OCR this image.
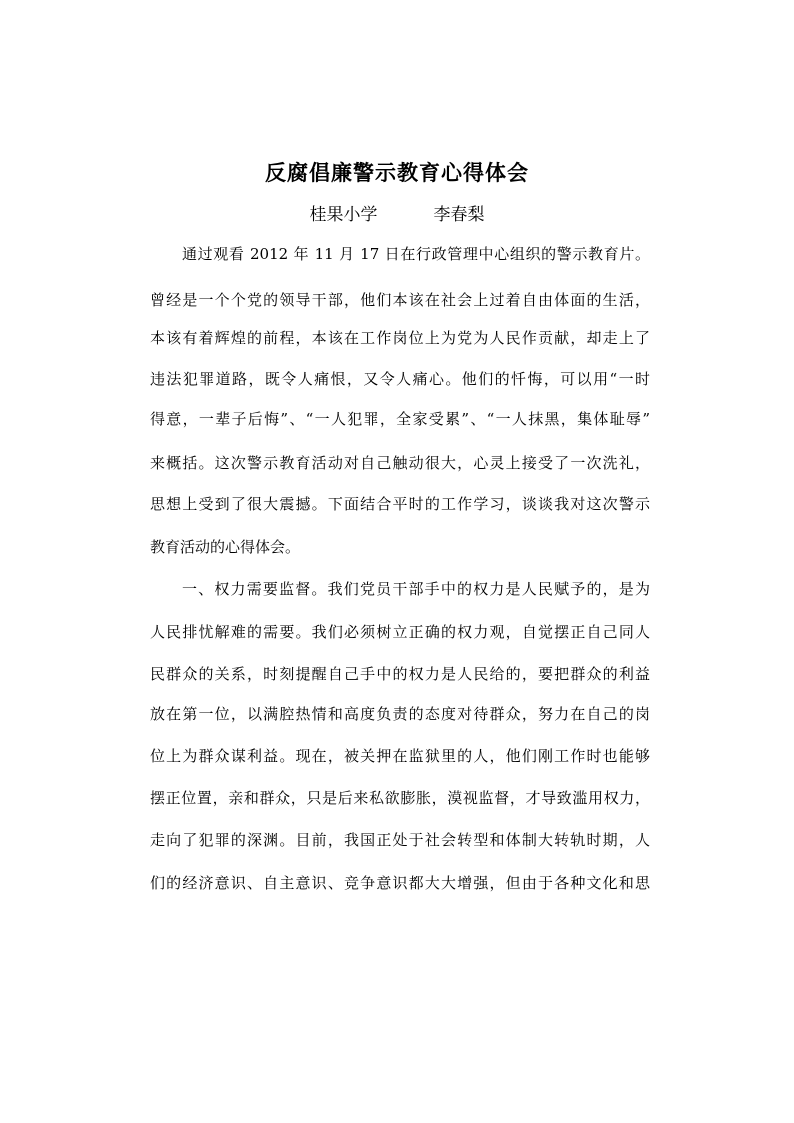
反腐倡廉警示教育心得体会
桂果小学	李春梨
通过观看 2012 年 11 月 17 日在行政管理中心组织的警示教育片。
曾经是一个个党的领导干部，他们本该在社会上过着自由体面的生活，
本该有着辉煌的前程，本该在工作岗位上为党为人民作贡献，却走上了
违法犯罪道路，既令人痛恨，又令人痛心。他们的忏悔，可以用“一时
得意，一辈子后悔”、“一人犯罪，全家受累”、“一人抹黑，集体耻辱”
来概括。这次警示教育活动对自己触动很大，心灵上接受了一次洗礼，
思想上受到了很大震撼。下面结合平时的工作学习，谈谈我对这次警示
教育活动的心得体会。
一、权力需要监督。我们党员干部手中的权力是人民赋予的，是为
人民排忧解难的需要。我们必须树立正确的权力观，自觉摆正自己同人
民群众的关系，时刻提醒自己手中的权力是人民给的，要把群众的利益
放在第一位，以满腔热情和高度负责的态度对待群众，努力在自己的岗
位上为群众谋利益。现在，被关押在监狱里的人，他们刚工作时也能够
摆正位置，亲和群众，只是后来私欲膨胀，漠视监督，才导致滥用权力，
走向了犯罪的深渊。目前，我国正处于社会转型和体制大转轨时期，人
们的经济意识、自主意识、竞争意识都大大增强，但由于各种文化和思
